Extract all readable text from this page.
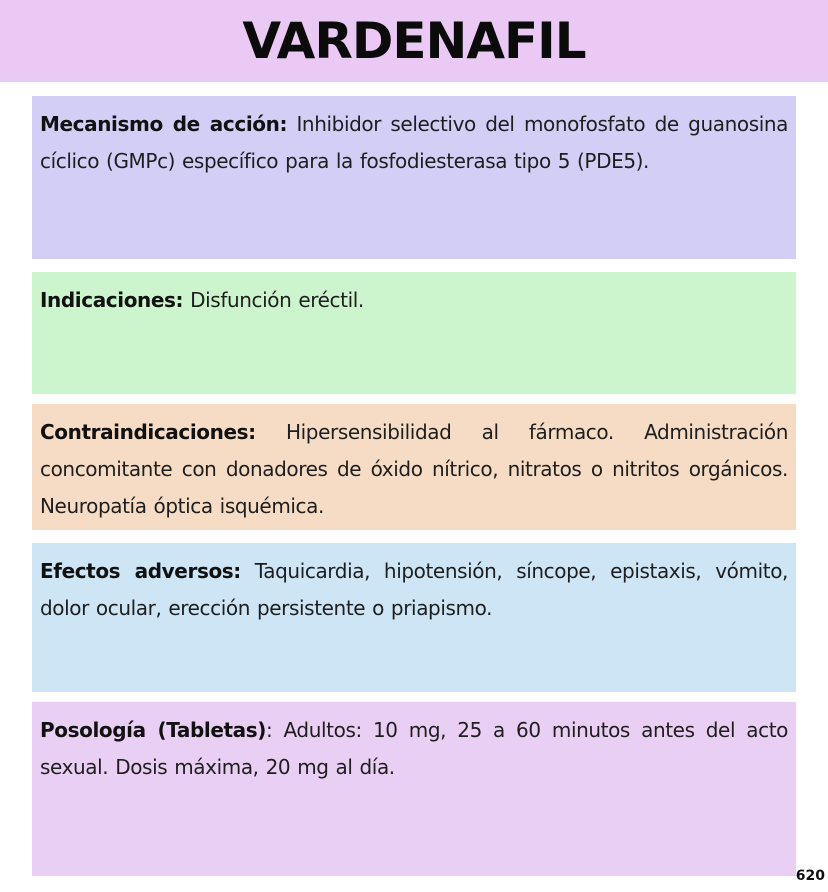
VARDENAFIL
Mecanismo de acción: Inhibidor selectivo del monofosfato de guanosina cíclico (GMPc) específico para la fosfodiesterasa tipo 5 (PDE5).
Indicaciones: Disfunción eréctil.
Contraindicaciones: Hipersensibilidad al fármaco. Administración concomitante con donadores de óxido nítrico, nitratos o nitritos orgánicos. Neuropatía óptica isquémica.
Efectos adversos: Taquicardia, hipotensión, síncope, epistaxis, vómito, dolor ocular, erección persistente o priapismo.
Posología (Tabletas): Adultos: 10 mg, 25 a 60 minutos antes del acto sexual. Dosis máxima, 20 mg al día.
620
